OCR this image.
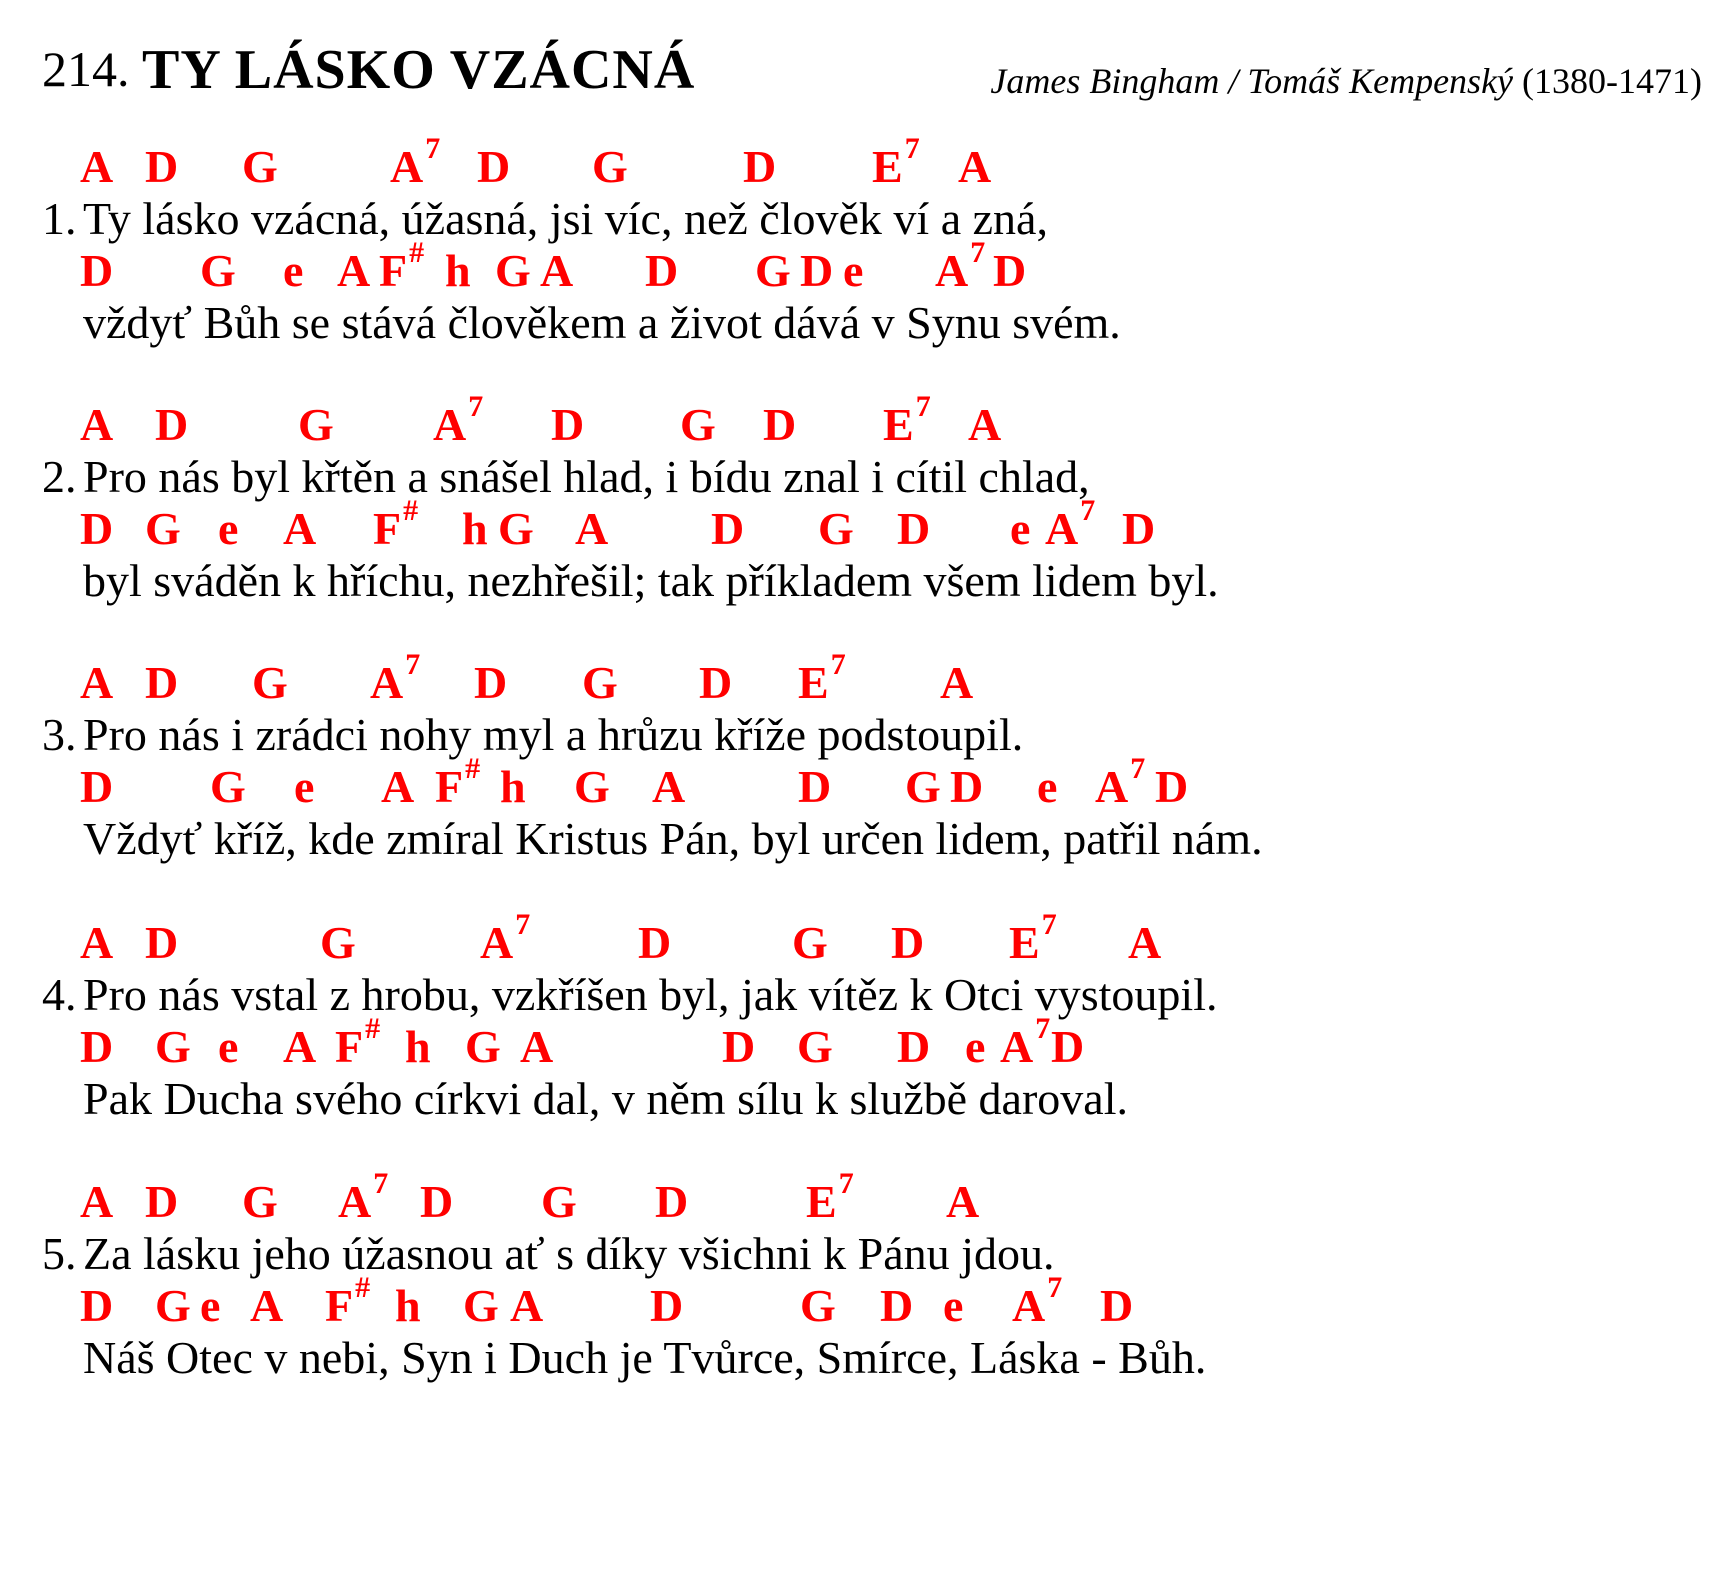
214. TY LÁSKO VZÁCNÁ	James Bingham / Tomáš Kempenský (1380-1471)
A D G $A^7$ D G	D $E^7$ A
1. Ty lásko vzácná, úžasná, jsi víc, než člověk ví a zná,
D G e A F# h G A D G D e $A^7$ D
vždyť Bůh se stává člověkem a život dává v Synu svém.
A D G $A^7$ D G D $E^7$ A
2. Pro nás byl křtěn a snášel hlad, i bídu znal i cítil chlad,
D G e A F# h G A D G D e $A^7$ D
byl sváděn k hříchu, nezhřešil; tak příkladem všem lidem byl.
A D G $A^7$ D G D $E^7$ A
3. Pro nás i zrádci nohy myl a hrůzu kříže podstoupil.
D G e A F# h G A D G D e $A^7$ D
Vždyť kříž, kde zmíral Kristus Pán, byl určen lidem, patřil nám.
A D	G	$A^7$ D	G D $E^7$ A
4. Pro nás vstal z hrobu, vzkříšen byl, jak vítěz k Otci vystoupil.
D G e A F# h G A	D G D e $A^7$ D
Pak Ducha svého církvi dal, v něm sílu k službě daroval.
A D G $A^7$ D G D	$E^7$ A
5. Za lásku jeho úžasnou ať s díky všichni k Pánu jdou.
D G e A F# h G A D	G D e $A^7$ D
Náš Otec v nebi, Syn i Duch je Tvůrce, Smírce, Láska - Bůh.
